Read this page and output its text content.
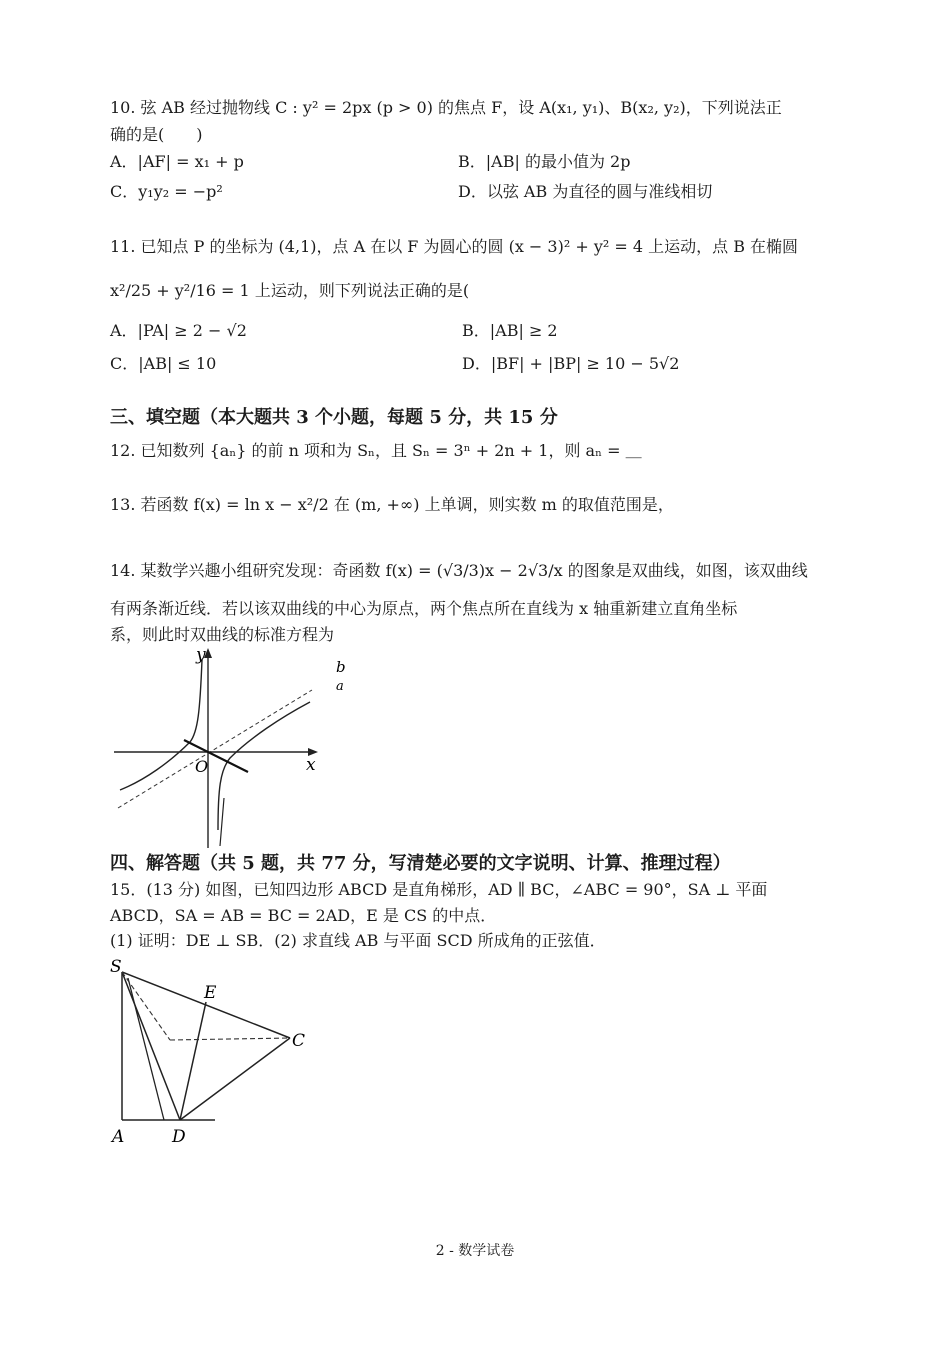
10. 弦 AB 经过抛物线 C : y² = 2px (p > 0) 的焦点 F，设 A(x₁, y₁)、B(x₂, y₂)，下列说法正
确的是(　　)
A．|AF| = x₁ + p	B．|AB| 的最小值为 2p
C．y₁y₂ = −p²	D．以弦 AB 为直径的圆与准线相切
11. 已知点 P 的坐标为 (4,1)，点 A 在以 F 为圆心的圆 (x − 3)² + y² = 4 上运动，点 B 在椭圆
x²/25 + y²/16 = 1 上运动，则下列说法正确的是(
A．|PA| ≥ 2 − √2	B．|AB| ≥ 2
C．|AB| ≤ 10	D．|BF| + |BP| ≥ 10 − 5√2
三、填空题（本大题共 3 个小题，每题 5 分，共 15 分
12. 已知数列 {aₙ} 的前 n 项和为 Sₙ，且 Sₙ = 3ⁿ + 2n + 1，则 aₙ = ＿
13. 若函数 f(x) = ln x − x²/2 在 (m, +∞) 上单调，则实数 m 的取值范围是，
14. 某数学兴趣小组研究发现：奇函数 f(x) = (√3/3)x − 2√3/x 的图象是双曲线，如图，该双曲线
有两条渐近线．若以该双曲线的中心为原点，两个焦点所在直线为 x 轴重新建立直角坐标
系，则此时双曲线的标准方程为
y
x
O
b
a
四、解答题（共 5 题，共 77 分，写清楚必要的文字说明、计算、推理过程）
15．(13 分) 如图，已知四边形 ABCD 是直角梯形，AD ∥ BC，∠ABC = 90°，SA ⊥ 平面
ABCD，SA = AB = BC = 2AD，E 是 CS 的中点．
(1) 证明：DE ⊥ SB．(2) 求直线 AB 与平面 SCD 所成角的正弦值．
S
E
C
A	D
2 - 数学试卷
